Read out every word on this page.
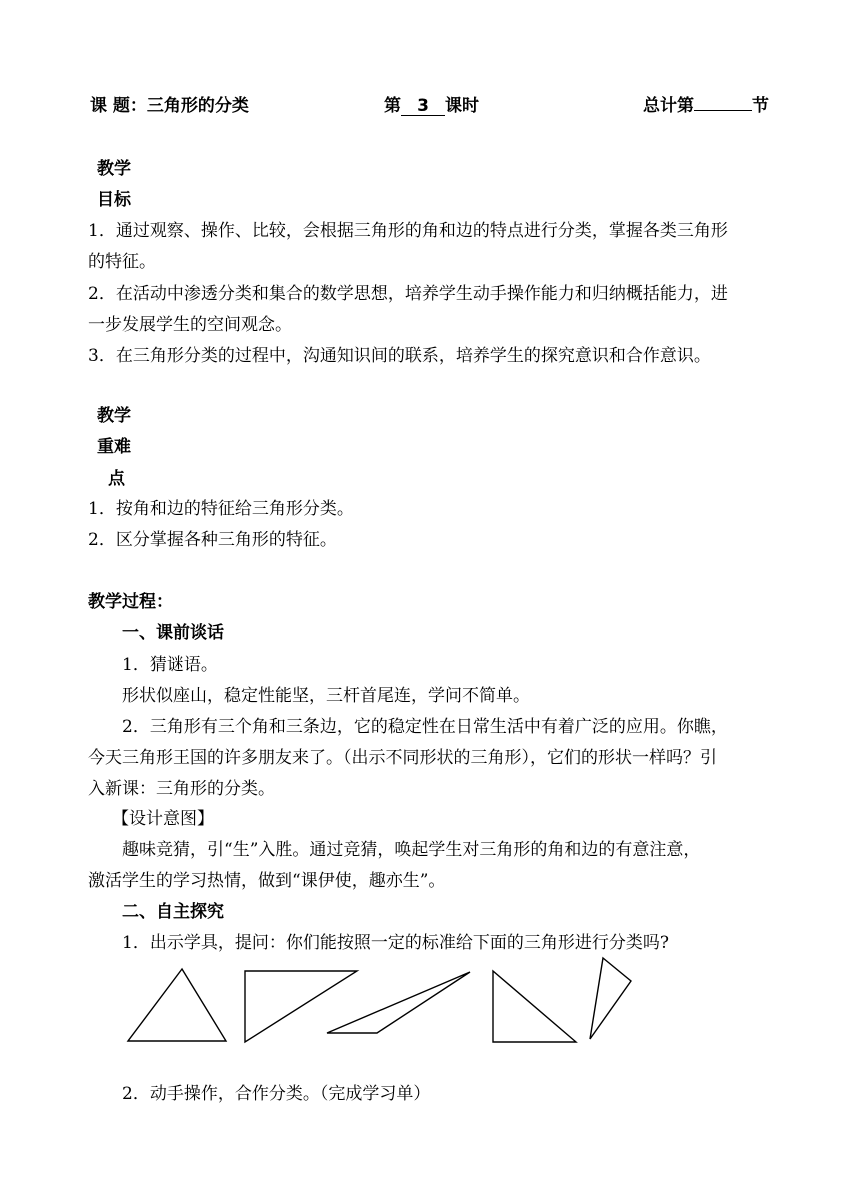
课 题：三角形的分类	第 3 课时	总计第	节
教学
目标
1．通过观察、操作、比较，会根据三角形的角和边的特点进行分类，掌握各类三角形
的特征。
2．在活动中渗透分类和集合的数学思想，培养学生动手操作能力和归纳概括能力，进
一步发展学生的空间观念。
3．在三角形分类的过程中，沟通知识间的联系，培养学生的探究意识和合作意识。
教学
重难
点
1．按角和边的特征给三角形分类。
2．区分掌握各种三角形的特征。
教学过程：
一、课前谈话
1．猜谜语。
形状似座山，稳定性能坚，三杆首尾连，学问不简单。
2．三角形有三个角和三条边，它的稳定性在日常生活中有着广泛的应用。你瞧，
今天三角形王国的许多朋友来了。（出示不同形状的三角形），它们的形状一样吗？引
入新课：三角形的分类。
【设计意图】
趣味竞猜，引“生”入胜。通过竞猜，唤起学生对三角形的角和边的有意注意，
激活学生的学习热情，做到“课伊使，趣亦生”。
二、自主探究
1．出示学具，提问：你们能按照一定的标准给下面的三角形进行分类吗?
2．动手操作，合作分类。（完成学习单）
